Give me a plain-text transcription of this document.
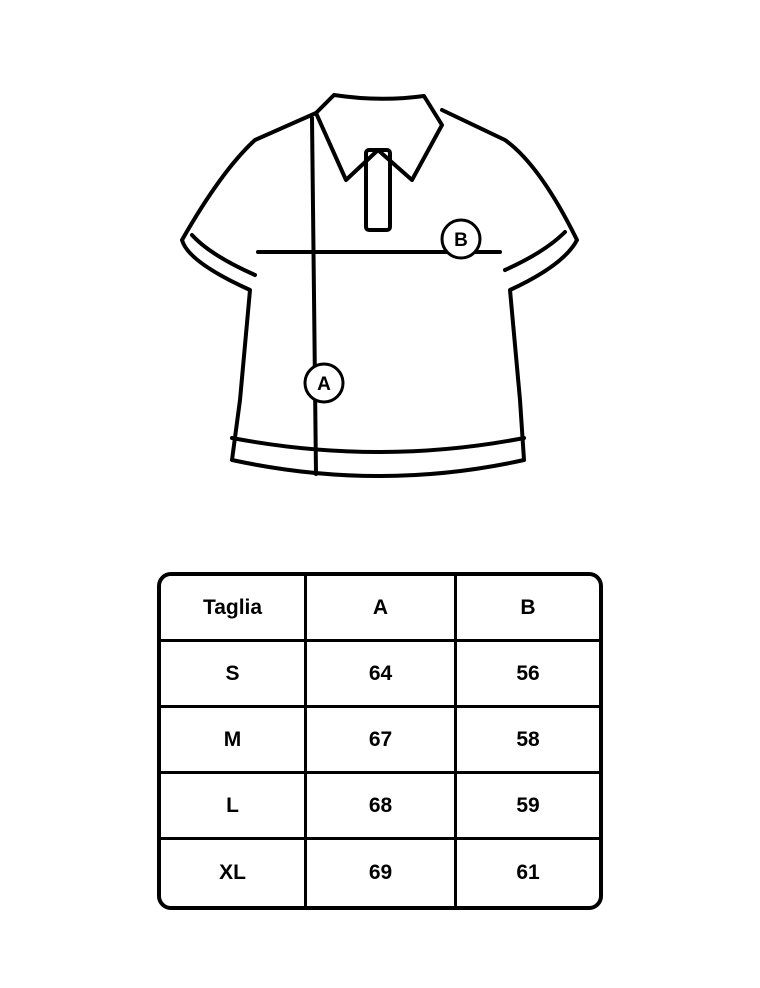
A
B
Taglia	A	B
S	64	56
M	67	58
L	68	59
XL	69	61
